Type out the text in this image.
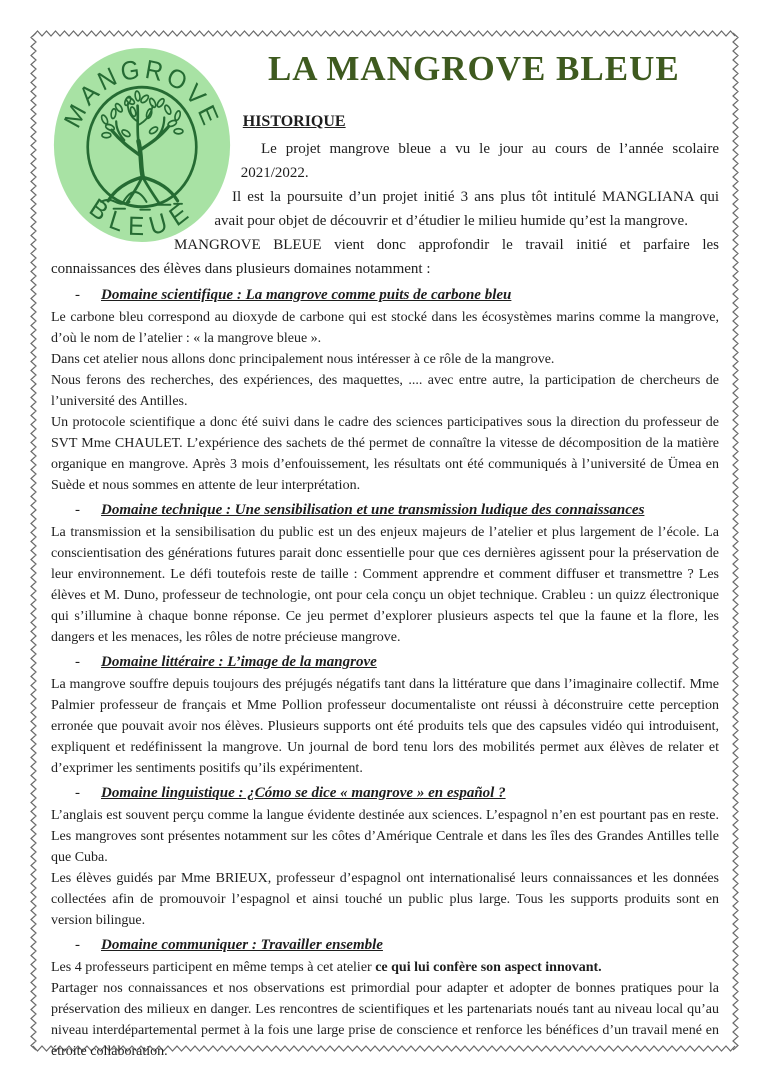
MANGROVE
BLEUE
LA MANGROVE BLEUE
HISTORIQUE

Le projet mangrove bleue a vu le jour au cours de l’année scolaire 2021/2022.

Il est la poursuite d’un projet initié 3 ans plus tôt intitulé MANGLIANA qui avait pour objet de découvrir et d’étudier le milieu humide qu’est la mangrove.

MANGROVE BLEUE vient donc approfondir le travail initié et parfaire les connaissances des élèves dans plusieurs domaines notamment :

-	Domaine scientifique : La mangrove comme puits de carbone bleu

Le carbone bleu correspond au dioxyde de carbone qui est stocké dans les écosystèmes marins comme la mangrove, d’où le nom de l’atelier : « la mangrove bleue ».

Dans cet atelier nous allons donc principalement nous intéresser à ce rôle de la mangrove.

Nous ferons des recherches, des expériences, des maquettes, .... avec entre autre, la participation de chercheurs de l’université des Antilles.

Un protocole scientifique a donc été suivi dans le cadre des sciences participatives sous la direction du professeur de SVT Mme CHAULET. L’expérience des sachets de thé permet de connaître la vitesse de décomposition de la matière organique en mangrove. Après 3 mois d’enfouissement, les résultats ont été communiqués à l’université de Ümea en Suède et nous sommes en attente de leur interprétation.

-	Domaine technique : Une sensibilisation et une transmission ludique des connaissances

La transmission et la sensibilisation du public est un des enjeux majeurs de l’atelier et plus largement de l’école. La conscientisation des générations futures parait donc essentielle pour que ces dernières agissent pour la préservation de leur environnement. Le défi toutefois reste de taille : Comment apprendre et comment diffuser et transmettre ? Les élèves et M. Duno, professeur de technologie, ont pour cela conçu un objet technique. Crableu : un quizz électronique qui s’illumine à chaque bonne réponse. Ce jeu permet d’explorer plusieurs aspects tel que la faune et la flore, les dangers et les menaces, les rôles de notre précieuse mangrove.

-	Domaine littéraire : L’image de la mangrove

La mangrove souffre depuis toujours des préjugés négatifs tant dans la littérature que dans l’imaginaire collectif. Mme Palmier professeur de français et Mme Pollion professeur documentaliste ont réussi à déconstruire cette perception erronée que pouvait avoir nos élèves. Plusieurs supports ont été produits tels que des capsules vidéo qui introduisent, expliquent et redéfinissent la mangrove. Un journal de bord tenu lors des mobilités permet aux élèves de relater et d’exprimer les sentiments positifs qu’ils expérimentent.

-	Domaine linguistique : ¿Cómo se dice « mangrove » en español ?

L’anglais est souvent perçu comme la langue évidente destinée aux sciences. L’espagnol n’en est pourtant pas en reste. Les mangroves sont présentes notamment sur les côtes d’Amérique Centrale et dans les îles des Grandes Antilles telle que Cuba.

Les élèves guidés par Mme BRIEUX, professeur d’espagnol ont internationalisé leurs connaissances et les données collectées afin de promouvoir l’espagnol et ainsi touché un public plus large. Tous les supports produits sont en version bilingue.

-	Domaine communiquer : Travailler ensemble

Les 4 professeurs participent en même temps à cet atelier ce qui lui confère son aspect innovant.

Partager nos connaissances et nos observations est primordial pour adapter et adopter de bonnes pratiques pour la préservation des milieux en danger. Les rencontres de scientifiques et les partenariats noués tant au niveau local qu’au niveau interdépartemental permet à la fois une large prise de conscience et renforce les bénéfices d’un travail mené en étroite collaboration.
